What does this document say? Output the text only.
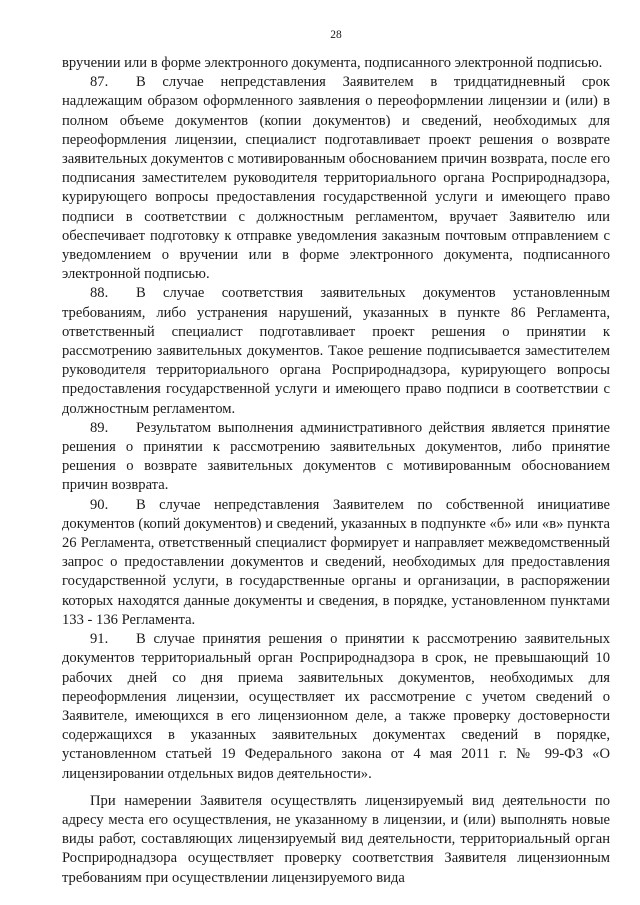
28

вручении или в форме электронного документа, подписанного электронной подписью.

87. В случае непредставления Заявителем в тридцатидневный срок надлежащим образом оформленного заявления о переоформлении лицензии и (или) в полном объеме документов (копии документов) и сведений, необходимых для переоформления лицензии, специалист подготавливает проект решения о возврате заявительных документов с мотивированным обоснованием причин возврата, после его подписания заместителем руководителя территориального органа Росприроднадзора, курирующего вопросы предоставления государственной услуги и имеющего право подписи в соответствии с должностным регламентом, вручает Заявителю или обеспечивает подготовку к отправке уведомления заказным почтовым отправлением с уведомлением о вручении или в форме электронного документа, подписанного электронной подписью.

88. В случае соответствия заявительных документов установленным требованиям, либо устранения нарушений, указанных в пункте 86 Регламента, ответственный специалист подготавливает проект решения о принятии к рассмотрению заявительных документов. Такое решение подписывается заместителем руководителя территориального органа Росприроднадзора, курирующего вопросы предоставления государственной услуги и имеющего право подписи в соответствии с должностным регламентом.

89. Результатом выполнения административного действия является принятие решения о принятии к рассмотрению заявительных документов, либо принятие решения о возврате заявительных документов с мотивированным обоснованием причин возврата.

90. В случае непредставления Заявителем по собственной инициативе документов (копий документов) и сведений, указанных в подпункте «б» или «в» пункта 26 Регламента, ответственный специалист формирует и направляет межведомственный запрос о предоставлении документов и сведений, необходимых для предоставления государственной услуги, в государственные органы и организации, в распоряжении которых находятся данные документы и сведения, в порядке, установленном пунктами 133 - 136 Регламента.

91. В случае принятия решения о принятии к рассмотрению заявительных документов территориальный орган Росприроднадзора в срок, не превышающий 10 рабочих дней со дня приема заявительных документов, необходимых для переоформления лицензии, осуществляет их рассмотрение с учетом сведений о Заявителе, имеющихся в его лицензионном деле, а также проверку достоверности содержащихся в указанных заявительных документах сведений в порядке, установленном статьей 19 Федерального закона от 4 мая 2011 г. № 99-ФЗ «О лицензировании отдельных видов деятельности».

При намерении Заявителя осуществлять лицензируемый вид деятельности по адресу места его осуществления, не указанному в лицензии, и (или) выполнять новые виды работ, составляющих лицензируемый вид деятельности, территориальный орган Росприроднадзора осуществляет проверку соответствия Заявителя лицензионным требованиям при осуществлении лицензируемого вида
